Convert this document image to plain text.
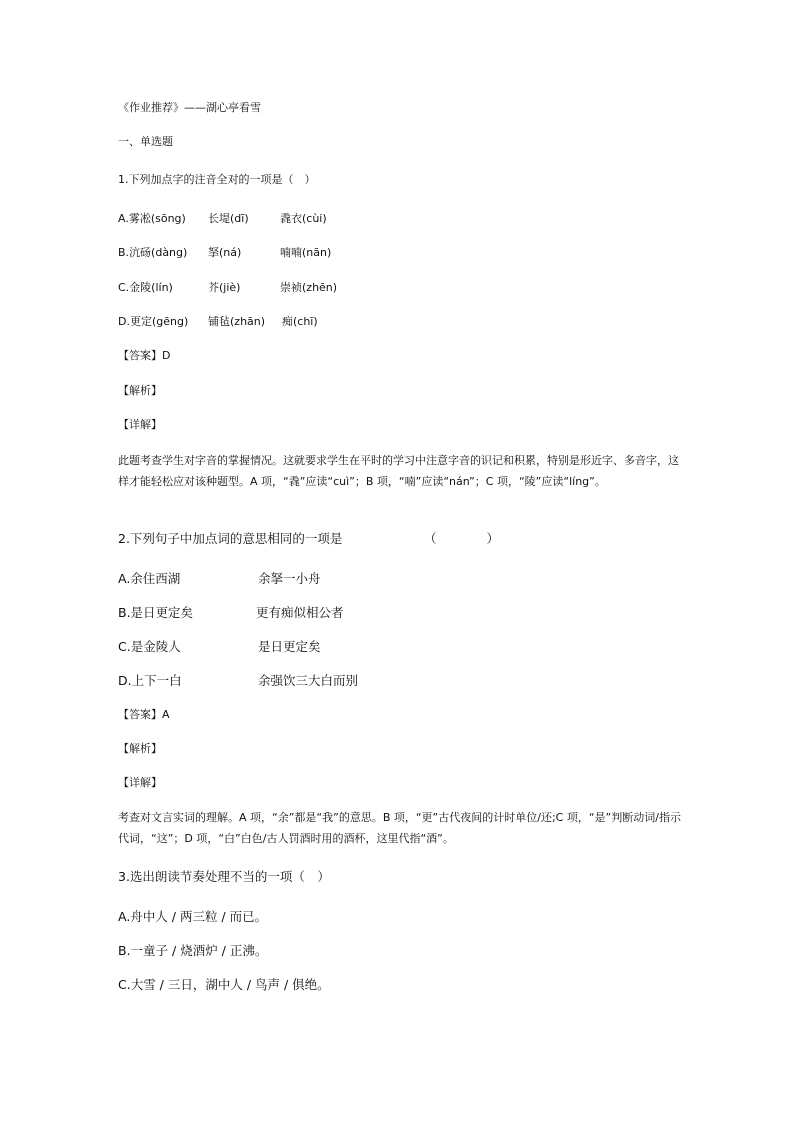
《作业推荐》——湖心亭看雪
一、单选题
1.下列加点字的注音全对的一项是（　）
A.雾凇(sōng) 长堤(dī)	毳衣(cùi)
B.沆砀(dàng) 拏(ná)	喃喃(nān)
C.金陵(lín)	芥(jiè)	崇祯(zhēn)
D.更定(gēng) 铺毡(zhān) 痴(chī)
【答案】D
【解析】
【详解】
此题考查学生对字音的掌握情况。这就要求学生在平时的学习中注意字音的识记和积累，特别是形近字、多音字，这样才能轻松应对该种题型。A 项，“毳”应读“cuì”；B 项，“喃”应读“nán”；C 项，“陵”应读“líng”。
2.下列句子中加点词的意思相同的一项是	（　　　　）
A.余住西湖	余拏一小舟
B.是日更定矣	更有痴似相公者
C.是金陵人	是日更定矣
D.上下一白	余强饮三大白而别
【答案】A
【解析】
【详解】
考查对文言实词的理解。A 项，“余”都是“我”的意思。B 项，“更”古代夜间的计时单位/还;C 项，“是”判断动词/指示代词，“这”；D 项，“白”白色/古人罚酒时用的酒杯，这里代指“酒”。
3.选出朗读节奏处理不当的一项（　）
A.舟中人 / 两三粒 / 而已。
B.一童子 / 烧酒炉 / 正沸。
C.大雪 / 三日，湖中人 / 鸟声 / 俱绝。
